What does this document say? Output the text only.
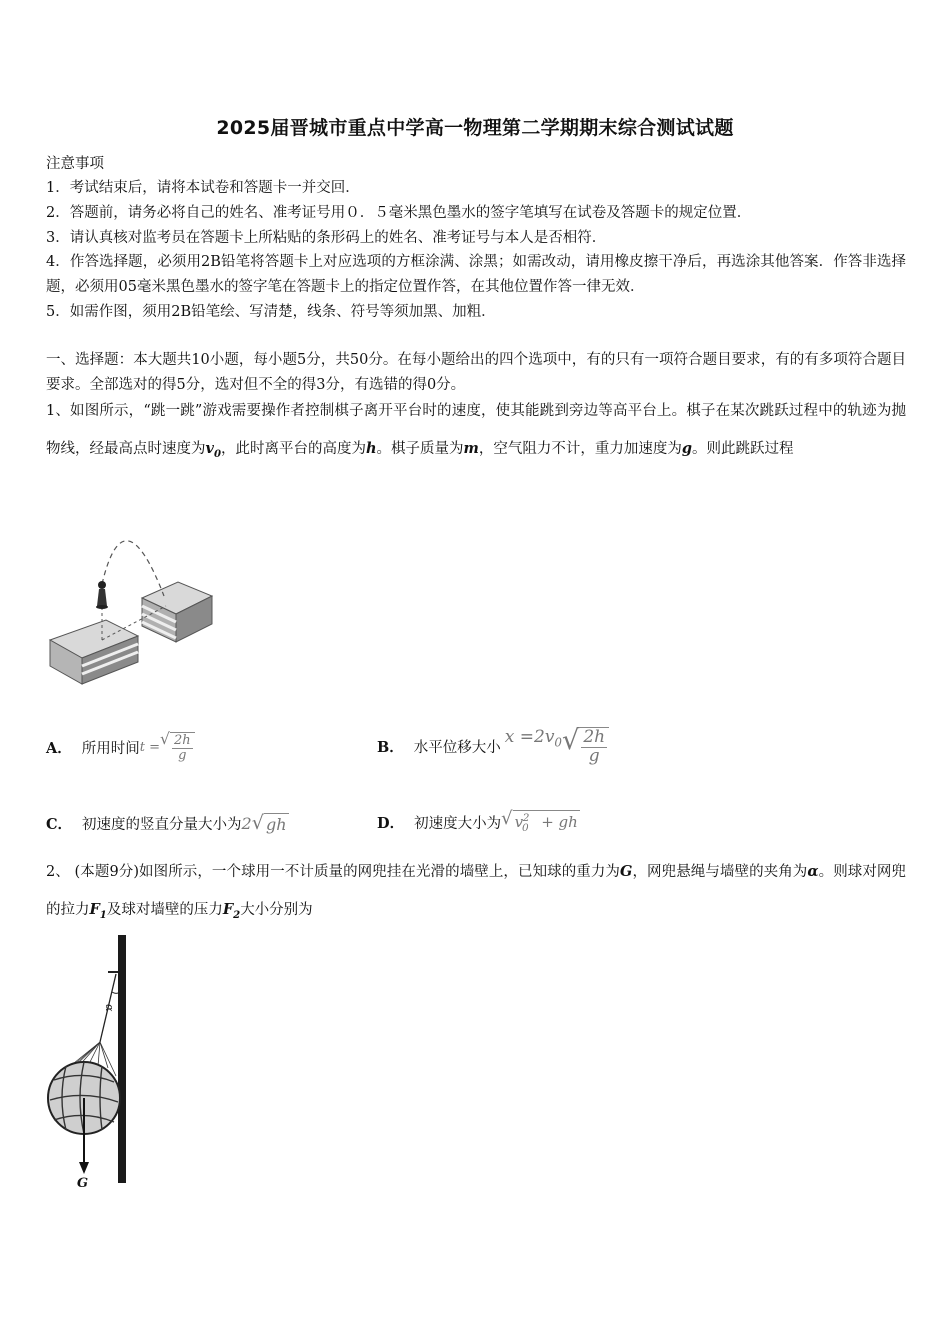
2025届晋城市重点中学高一物理第二学期期末综合测试试题
注意事项
1．考试结束后，请将本试卷和答题卡一并交回．
2．答题前，请务必将自己的姓名、准考证号用０．５毫米黑色墨水的签字笔填写在试卷及答题卡的规定位置．
3．请认真核对监考员在答题卡上所粘贴的条形码上的姓名、准考证号与本人是否相符．
4．作答选择题，必须用2B铅笔将答题卡上对应选项的方框涂满、涂黑；如需改动，请用橡皮擦干净后，再选涂其他答案．作答非选择题，必须用05毫米黑色墨水的签字笔在答题卡上的指定位置作答，在其他位置作答一律无效．
5．如需作图，须用2B铅笔绘、写清楚，线条、符号等须加黑、加粗．
一、选择题：本大题共10小题，每小题5分，共50分。在每小题给出的四个选项中，有的只有一项符合题目要求，有的有多项符合题目要求。全部选对的得5分，选对但不全的得3分，有选错的得0分。
1、如图所示，“跳一跳”游戏需要操作者控制棋子离开平台时的速度，使其能跳到旁边等高平台上。棋子在某次跳跃过程中的轨迹为抛物线，经最高点时速度为$v_0$，此时离平台的高度为h。棋子质量为m，空气阻力不计，重力加速度为g。则此跳跃过程
A． 所用时间 t = √ $\frac{2h}{g}$	B． 水平位移大小
$x =2v_0$ √ $\frac{2h}{g}$
C． 初速度的竖直分量大小为 2 √ gh	D． 初速度大小为 √ $v_0^2$ + gh
2、 (本题9分)如图所示，一个球用一不计质量的网兜挂在光滑的墙壁上，已知球的重力为G，网兜悬绳与墙壁的夹角为α。则球对网兜的拉力$F_1$及球对墙壁的压力$F_2$大小分别为
α
G
